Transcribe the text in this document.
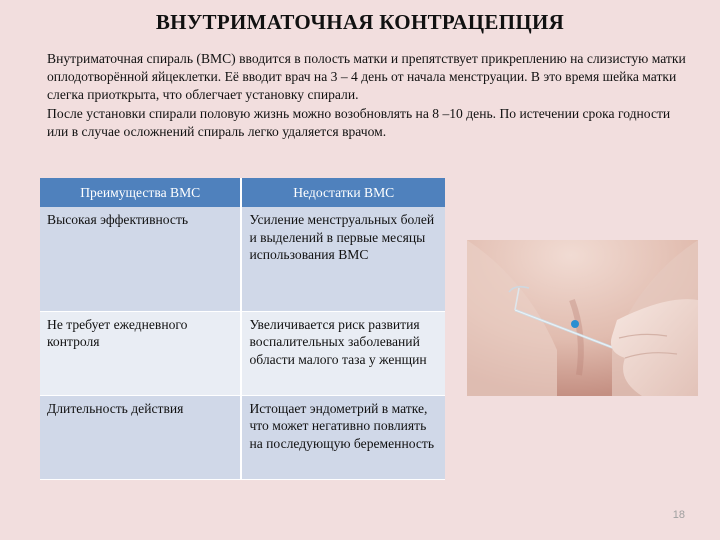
ВНУТРИМАТОЧНАЯ КОНТРАЦЕПЦИЯ

Внутриматочная спираль (ВМС) вводится в полость матки и препятствует прикреплению на слизистую матки оплодотворённой яйцеклетки. Её вводит врач на 3 – 4 день от начала менструации. В это время шейка матки слегка приоткрыта, что облегчает установку спирали.

После установки спирали половую жизнь можно возобновлять на 8 –10 день. По истечении срока годности или в случае осложнений спираль легко удаляется врачом.

Преимущества ВМС	Недостатки ВМС
Высокая эффективность	Усиление менструальных болей и выделений в первые месяцы использования ВМС
Не требует ежедневного контроля	Увеличивается риск развития воспалительных заболеваний области малого таза у женщин
Длительность действия	Истощает эндометрий в матке, что может негативно повлиять на последующую беременность
18
